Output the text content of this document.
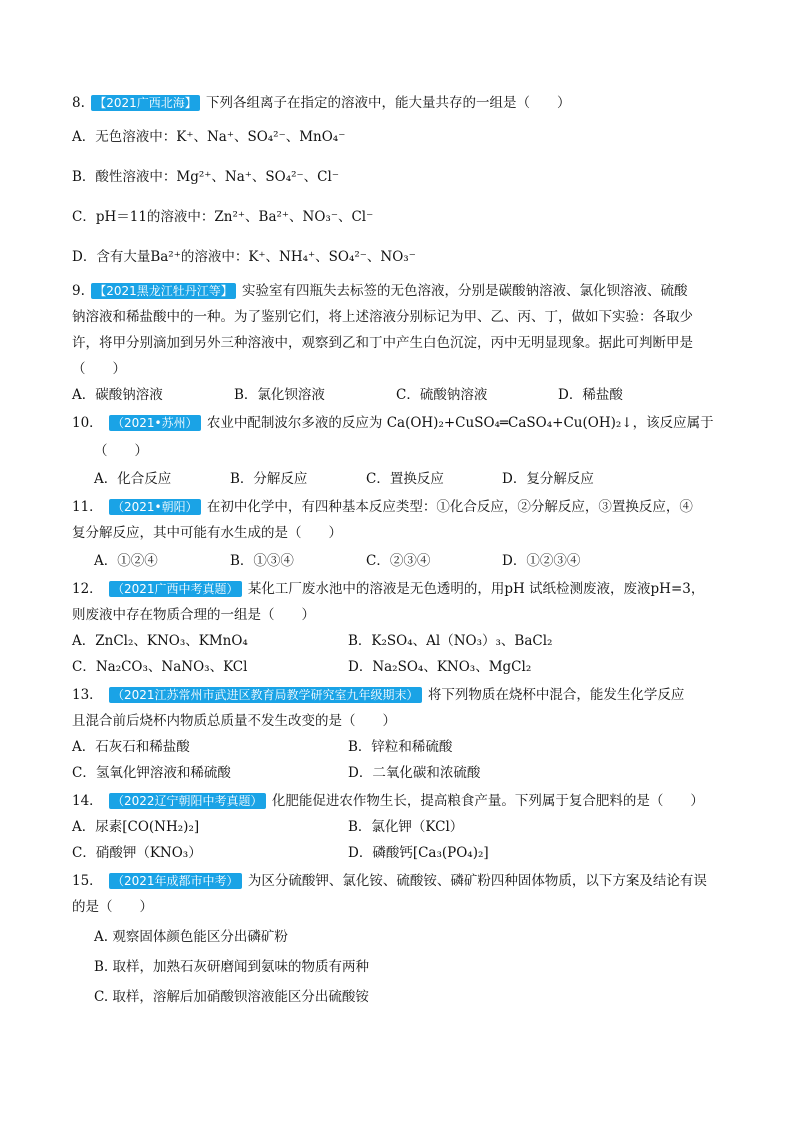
8. 【2021广西北海】 下列各组离子在指定的溶液中，能大量共存的一组是（　　）
A．无色溶液中：K⁺、Na⁺、SO₄²⁻、MnO₄⁻
B．酸性溶液中：Mg²⁺、Na⁺、SO₄²⁻、Cl⁻
C．pH＝11的溶液中：Zn²⁺、Ba²⁺、NO₃⁻、Cl⁻
D．含有大量Ba²⁺的溶液中：K⁺、NH₄⁺、SO₄²⁻、NO₃⁻
9. 【2021黑龙江牡丹江等】 实验室有四瓶失去标签的无色溶液，分别是碳酸钠溶液、氯化钡溶液、硫酸
钠溶液和稀盐酸中的一种。为了鉴别它们，将上述溶液分别标记为甲、乙、丙、丁，做如下实验：各取少
许，将甲分别滴加到另外三种溶液中，观察到乙和丁中产生白色沉淀，丙中无明显现象。据此可判断甲是
（　　）
A．碳酸钠溶液	B．氯化钡溶液	C．硫酸钠溶液	D．稀盐酸
10． （2021•苏州） 农业中配制波尔多液的反应为 Ca(OH)₂+CuSO₄═CaSO₄+Cu(OH)₂↓，该反应属于
（　　）
A．化合反应	B．分解反应	C．置换反应	D．复分解反应
11． （2021•朝阳） 在初中化学中，有四种基本反应类型：①化合反应，②分解反应，③置换反应，④
复分解反应，其中可能有水生成的是（　　）
A．①②④	B．①③④	C．②③④	D．①②③④
12． （2021广西中考真题） 某化工厂废水池中的溶液是无色透明的，用pH 试纸检测废液，废液pH=3，
则废液中存在物质合理的一组是（　　）
A．ZnCl₂、KNO₃、KMnO₄	B．K₂SO₄、Al（NO₃）₃、BaCl₂
C．Na₂CO₃、NaNO₃、KCl	D．Na₂SO₄、KNO₃、MgCl₂
13． （2021江苏常州市武进区教育局教学研究室九年级期末） 将下列物质在烧杯中混合，能发生化学反应
且混合前后烧杯内物质总质量不发生改变的是（　　）
A．石灰石和稀盐酸	B．锌粒和稀硫酸
C．氢氧化钾溶液和稀硫酸	D．二氧化碳和浓硫酸
14． （2022辽宁朝阳中考真题） 化肥能促进农作物生长，提高粮食产量。下列属于复合肥料的是（　　）
A．尿素[CO(NH₂)₂]	B．氯化钾（KCl）
C．硝酸钾（KNO₃）	D．磷酸钙[Ca₃(PO₄)₂]
15． （2021年成都市中考） 为区分硫酸钾、氯化铵、硫酸铵、磷矿粉四种固体物质，以下方案及结论有误
的是（　　）
A. 观察固体颜色能区分出磷矿粉
B. 取样，加熟石灰研磨闻到氨味的物质有两种
C. 取样，溶解后加硝酸钡溶液能区分出硫酸铵
